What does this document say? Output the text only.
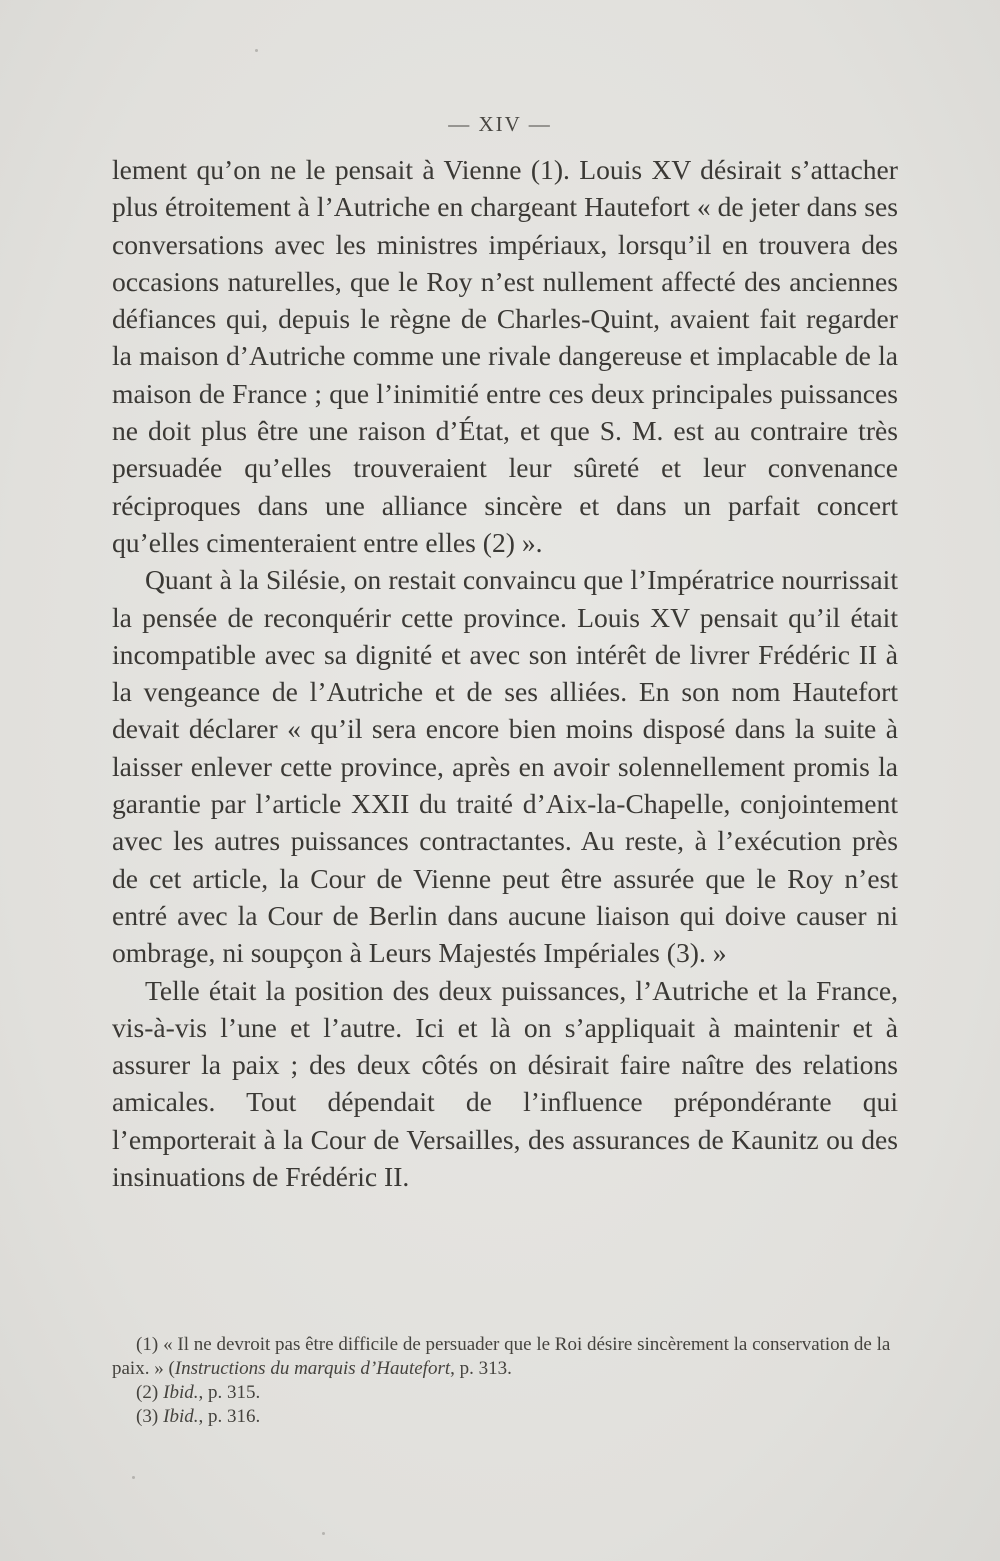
— XIV —

lement qu’on ne le pensait à Vienne (1). Louis XV désirait s’attacher plus étroitement à l’Autriche en chargeant Hautefort « de jeter dans ses conversations avec les ministres impériaux, lorsqu’il en trouvera des occasions naturelles, que le Roy n’est nullement affecté des anciennes défiances qui, depuis le règne de Charles-Quint, avaient fait regarder la maison d’Autriche comme une rivale dangereuse et implacable de la maison de France ; que l’inimitié entre ces deux principales puissances ne doit plus être une raison d’État, et que S. M. est au contraire très persuadée qu’elles trouveraient leur sûreté et leur convenance réciproques dans une alliance sincère et dans un parfait concert qu’elles cimenteraient entre elles (2) ».

Quant à la Silésie, on restait convaincu que l’Impératrice nourrissait la pensée de reconquérir cette province. Louis XV pensait qu’il était incompatible avec sa dignité et avec son intérêt de livrer Frédéric II à la vengeance de l’Autriche et de ses alliées. En son nom Hautefort devait déclarer « qu’il sera encore bien moins disposé dans la suite à laisser enlever cette province, après en avoir solennellement promis la garantie par l’article XXII du traité d’Aix-la-Chapelle, conjointement avec les autres puissances contractantes. Au reste, à l’exécution près de cet article, la Cour de Vienne peut être assurée que le Roy n’est entré avec la Cour de Berlin dans aucune liaison qui doive causer ni ombrage, ni soupçon à Leurs Majestés Impériales (3). »

Telle était la position des deux puissances, l’Autriche et la France, vis-à-vis l’une et l’autre. Ici et là on s’appliquait à maintenir et à assurer la paix ; des deux côtés on désirait faire naître des relations amicales. Tout dépendait de l’influence prépondérante qui l’emporterait à la Cour de Versailles, des assurances de Kaunitz ou des insinuations de Frédéric II.

(1) « Il ne devroit pas être difficile de persuader que le Roi désire sincèrement la conservation de la paix. » (Instructions du marquis d’Hautefort, p. 313.

(2) Ibid., p. 315.

(3) Ibid., p. 316.
